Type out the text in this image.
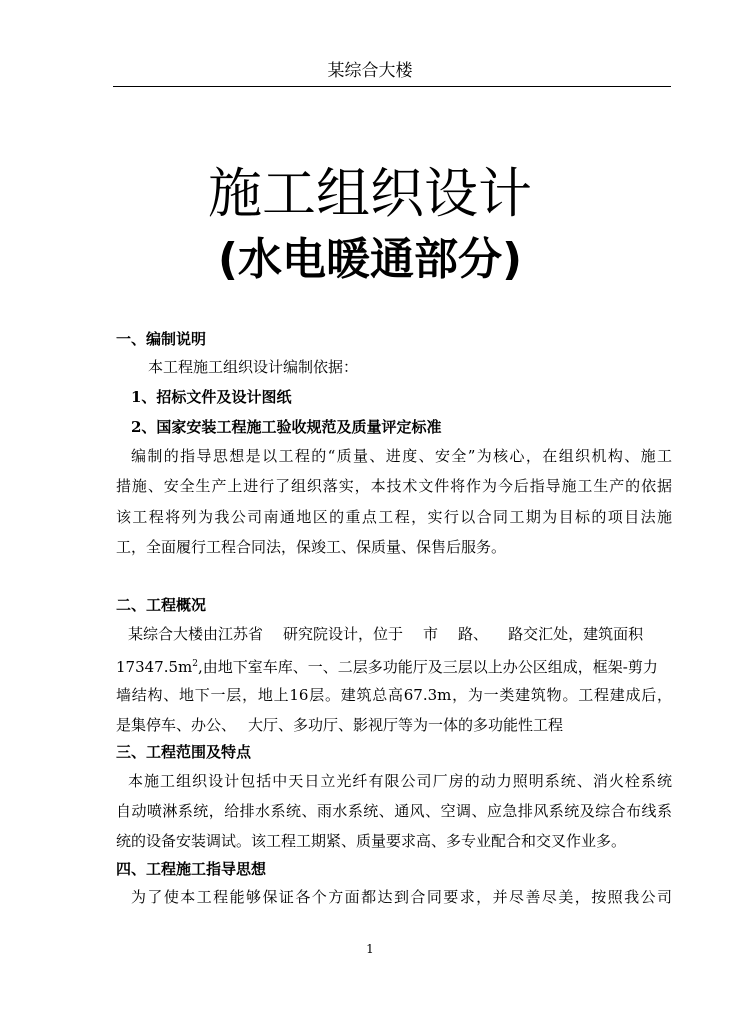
某综合大楼
施工组织设计
(水电暖通部分)
一、编制说明
本工程施工组织设计编制依据：
1、招标文件及设计图纸
2、国家安装工程施工验收规范及质量评定标准
编制的指导思想是以工程的“质量、进度、安全”为核心，在组织机构、施工
措施、安全生产上进行了组织落实，本技术文件将作为今后指导施工生产的依据
该工程将列为我公司南通地区的重点工程，实行以合同工期为目标的项目法施
工，全面履行工程合同法，保竣工、保质量、保售后服务。
二、工程概况
某综合大楼由江苏省 研究院设计，位于 市 路、 路交汇处，建筑面积
$17347.5m^2$,由地下室车库、一、二层多功能厅及三层以上办公区组成，框架-剪力
墙结构、地下一层，地上16层。建筑总高67.3m，为一类建筑物。工程建成后，
是集停车、办公、 大厅、多功厅、影视厅等为一体的多功能性工程
三、工程范围及特点
本施工组织设计包括中天日立光纤有限公司厂房的动力照明系统、消火栓系统
自动喷淋系统，给排水系统、雨水系统、通风、空调、应急排风系统及综合布线系
统的设备安装调试。该工程工期紧、质量要求高、多专业配合和交叉作业多。
四、工程施工指导思想
为了使本工程能够保证各个方面都达到合同要求，并尽善尽美，按照我公司
1
